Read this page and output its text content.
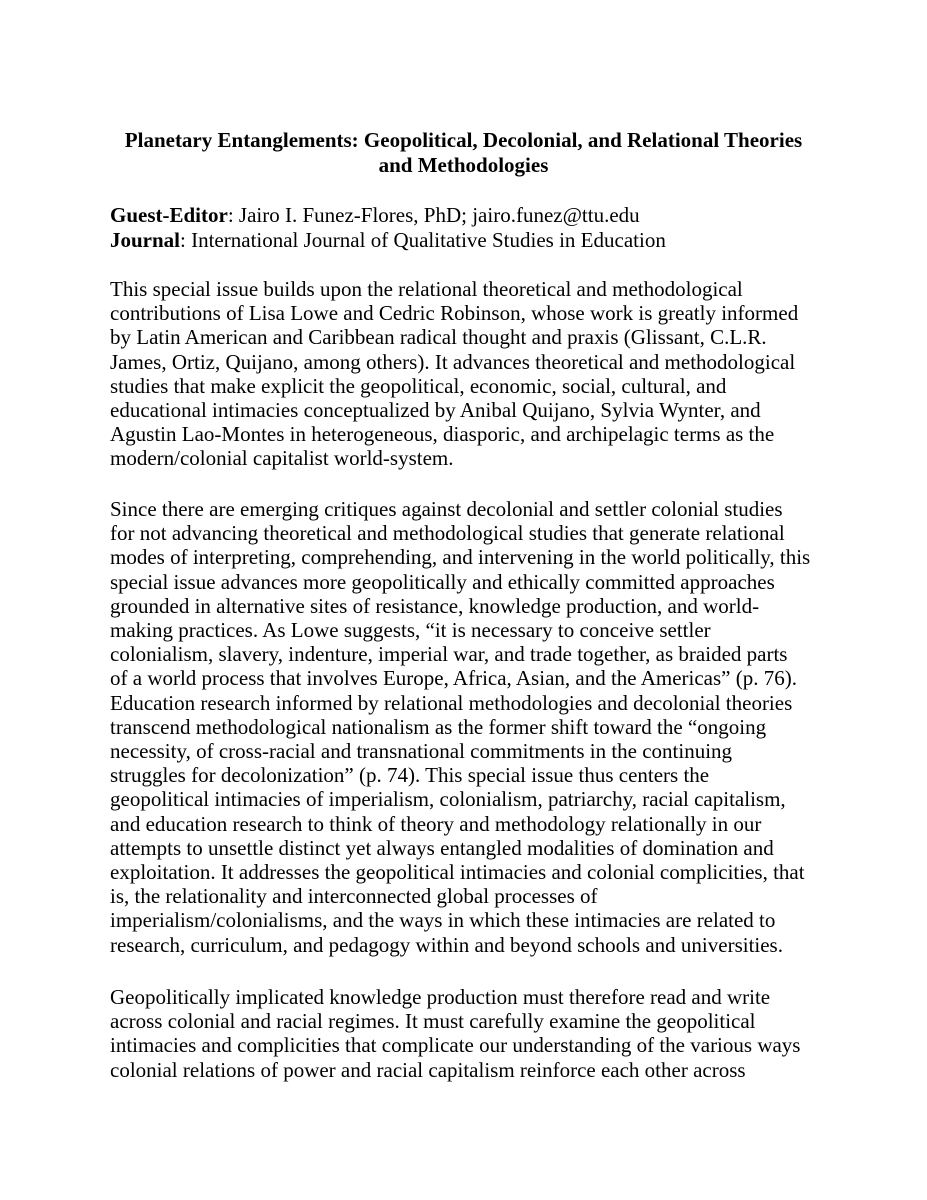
Planetary Entanglements: Geopolitical, Decolonial, and Relational Theories
and Methodologies
Guest-Editor: Jairo I. Funez-Flores, PhD; jairo.funez@ttu.edu
Journal: International Journal of Qualitative Studies in Education
This special issue builds upon the relational theoretical and methodological
contributions of Lisa Lowe and Cedric Robinson, whose work is greatly informed
by Latin American and Caribbean radical thought and praxis (Glissant, C.L.R.
James, Ortiz, Quijano, among others). It advances theoretical and methodological
studies that make explicit the geopolitical, economic, social, cultural, and
educational intimacies conceptualized by Anibal Quijano, Sylvia Wynter, and
Agustin Lao-Montes in heterogeneous, diasporic, and archipelagic terms as the
modern/colonial capitalist world-system.
Since there are emerging critiques against decolonial and settler colonial studies
for not advancing theoretical and methodological studies that generate relational
modes of interpreting, comprehending, and intervening in the world politically, this
special issue advances more geopolitically and ethically committed approaches
grounded in alternative sites of resistance, knowledge production, and world-
making practices. As Lowe suggests, “it is necessary to conceive settler
colonialism, slavery, indenture, imperial war, and trade together, as braided parts
of a world process that involves Europe, Africa, Asian, and the Americas” (p. 76).
Education research informed by relational methodologies and decolonial theories
transcend methodological nationalism as the former shift toward the “ongoing
necessity, of cross-racial and transnational commitments in the continuing
struggles for decolonization” (p. 74). This special issue thus centers the
geopolitical intimacies of imperialism, colonialism, patriarchy, racial capitalism,
and education research to think of theory and methodology relationally in our
attempts to unsettle distinct yet always entangled modalities of domination and
exploitation. It addresses the geopolitical intimacies and colonial complicities, that
is, the relationality and interconnected global processes of
imperialism/colonialisms, and the ways in which these intimacies are related to
research, curriculum, and pedagogy within and beyond schools and universities.
Geopolitically implicated knowledge production must therefore read and write
across colonial and racial regimes. It must carefully examine the geopolitical
intimacies and complicities that complicate our understanding of the various ways
colonial relations of power and racial capitalism reinforce each other across
